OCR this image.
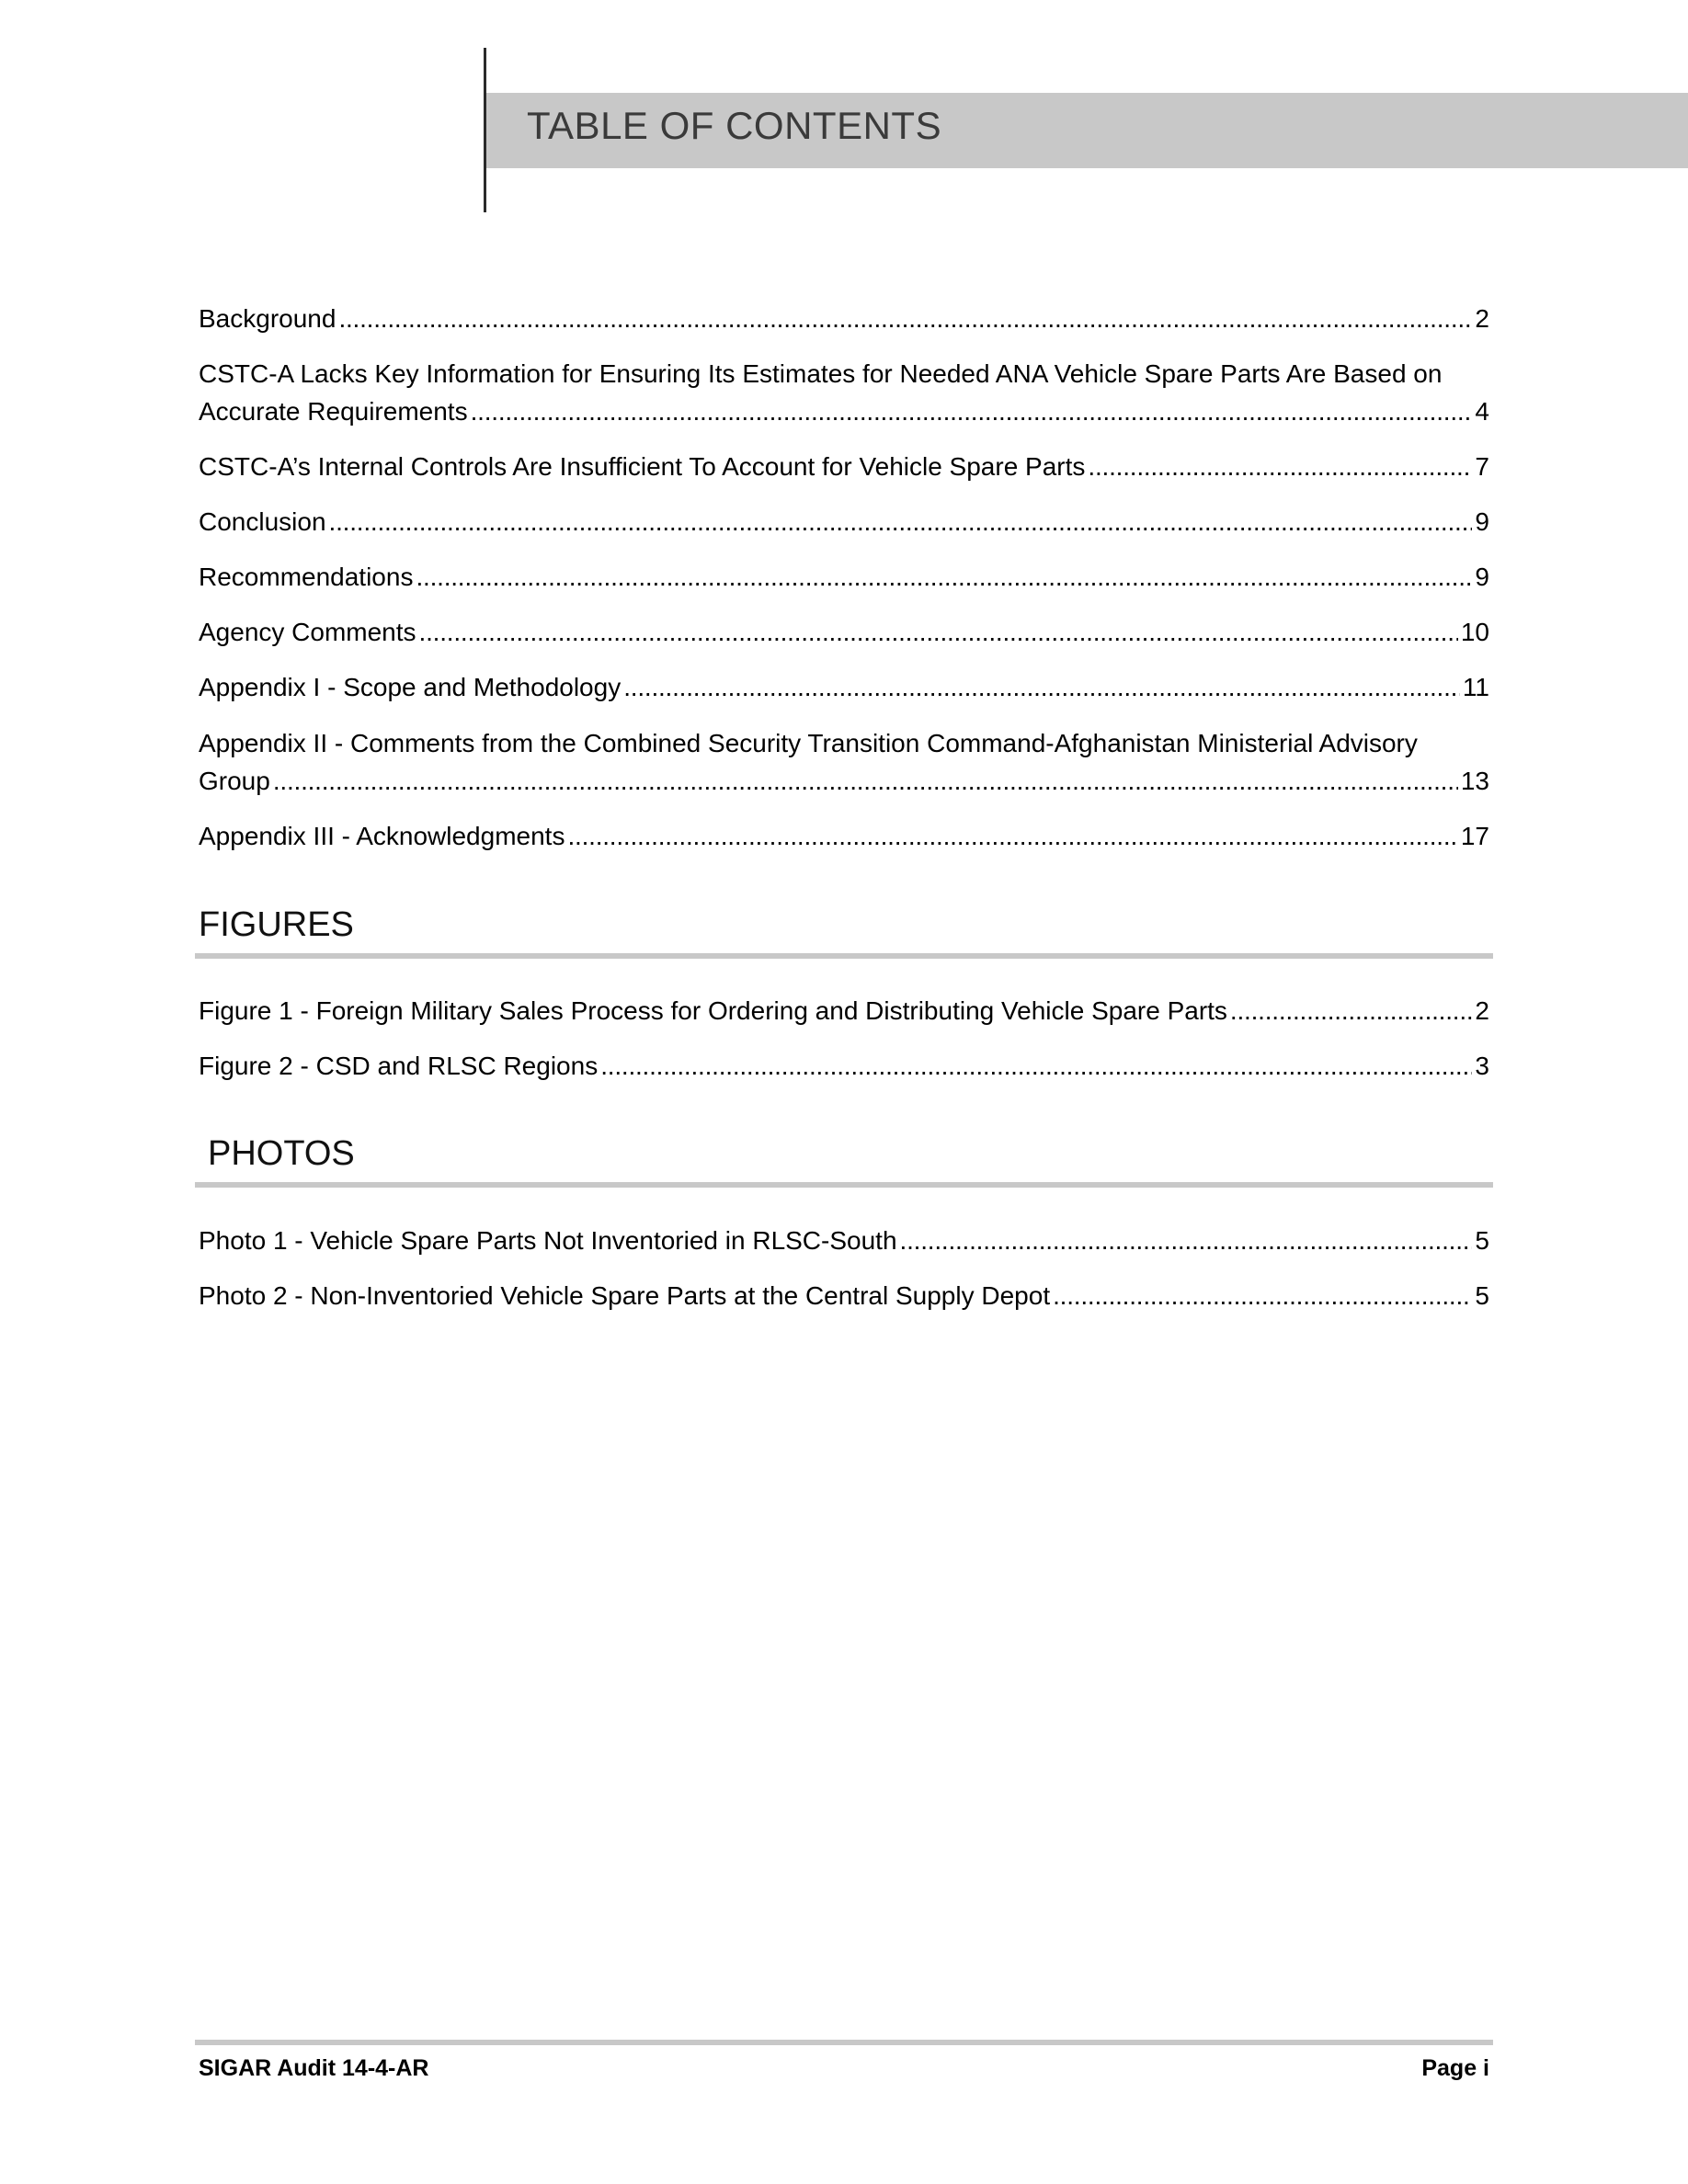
TABLE OF CONTENTS
Background . . .	2
CSTC-A Lacks Key Information for Ensuring Its Estimates for Needed ANA Vehicle Spare Parts Are Based on
Accurate Requirements . . .	4
CSTC-A’s Internal Controls Are Insufficient To Account for Vehicle Spare Parts . . .	7
Conclusion . . .	9
Recommendations . . .	9
Agency Comments . . .	10
Appendix I - Scope and Methodology . . .	11
Appendix II - Comments from the Combined Security Transition Command-Afghanistan Ministerial Advisory
Group . . .	13
Appendix III - Acknowledgments . . .	17
FIGURES
Figure 1 - Foreign Military Sales Process for Ordering and Distributing Vehicle Spare Parts . . .	2
Figure 2 - CSD and RLSC Regions . . .	3
PHOTOS
Photo 1 - Vehicle Spare Parts Not Inventoried in RLSC-South . . .	5
Photo 2 - Non-Inventoried Vehicle Spare Parts at the Central Supply Depot . . .	5
SIGAR Audit 14-4-AR	Page i
